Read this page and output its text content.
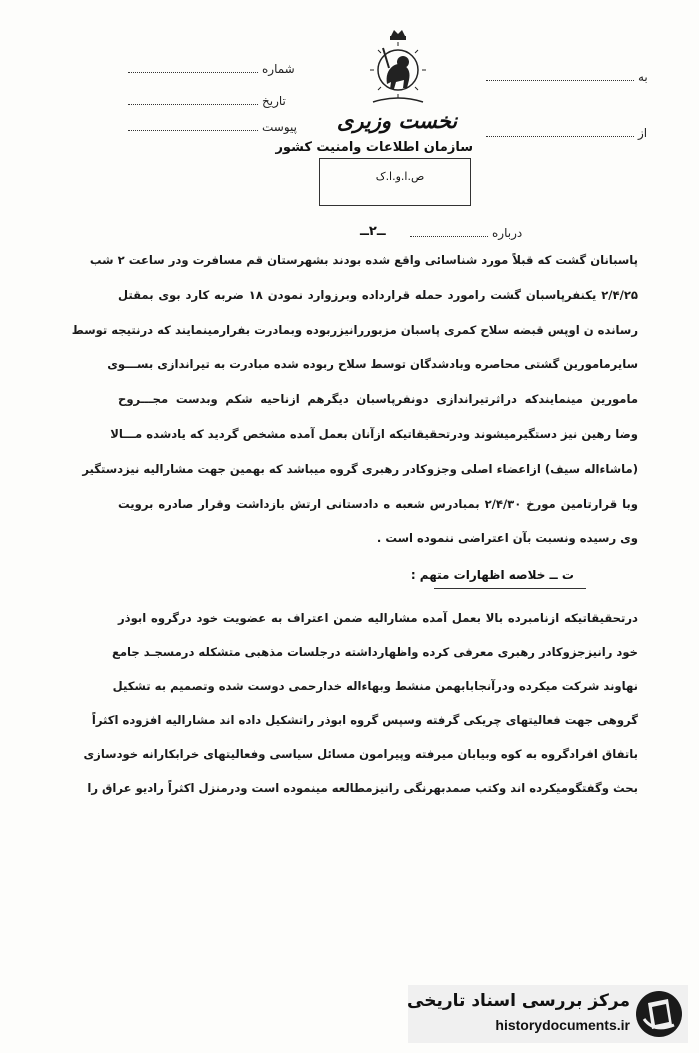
شماره
تاریخ
پیوست
به
از
درباره
نخست وزیری
سازمان اطلاعات وامنیت کشور
ص.ا.و.ا.ک
ــ۲ــ
پاسبانان گشت که قبلاً مورد شناسائی واقع شده بودند بشهرستان قم مسافرت ودر ساعت ۲ شب
۲/۴/۲۵ یکنفرپاسبان گشت رامورد حمله قرارداده وبرزوارد نمودن ۱۸ ضربه کارد بوی بمقتل
رسانده ن اوپس قبضه سلاح کمری پاسبان مزبوررانیزربوده وبمادرت بفرارمینمایند که درنتیجه توسط
سایرمامورین گشتی محاصره وبادشدگان توسط سلاح ربوده شده مبادرت به تیراندازی بســـوی
مامورین مینمایندکه دراثرتیراندازی دونفرپاسبان دیگرهم ازناحیه شکم وبدست مجـــروح
وضا رهین نیز دستگیرمیشوند ودرتحقیقاتیکه ازآنان بعمل آمده مشخص گردید که یادشده مـــالا
(ماشاءاله سیف) ازاعضاء اصلی وجزوکادر رهبری گروه میباشد که بهمین جهت مشارالیه نیزدستگیر
وبا قرارتامین مورخ ۲/۴/۳۰ بمبادرس شعبه ه دادستانی ارتش بازداشت وقرار صادره برویت
وی رسیده ونسبت بآن اعتراضی ننموده است .
ت ــ خلاصه اظهارات متهم :
درتحقیقاتیکه ازنامبرده بالا بعمل آمده مشارالیه ضمن اعتراف به عضویت خود درگروه ابوذر
خود رانیزجزوکادر رهبری معرفی کرده واظهارداشته درجلسات مذهبی متشکله درمسجـد جامع
نهاوند شرکت میکرده ودرآنجابابهمن منشط وبهاءاله خدارحمی دوست شده وتصمیم به تشکیل
گروهی جهت فعالیتهای چریکی گرفته وسپس گروه ابوذر راتشکیل داده اند مشارالیه افزوده اکثراً
باتفاق افرادگروه به کوه وبیابان میرفته وپیرامون مسائل سیاسی وفعالیتهای خرابکارانه خودسازی
بحث وگفتگومیکرده اند وکتب صمدبهرنگی رانیزمطالعه مینموده است ودرمنزل اکثراً رادیو عراق را
مرکز بررسی اسناد تاریخی
historydocuments.ir
